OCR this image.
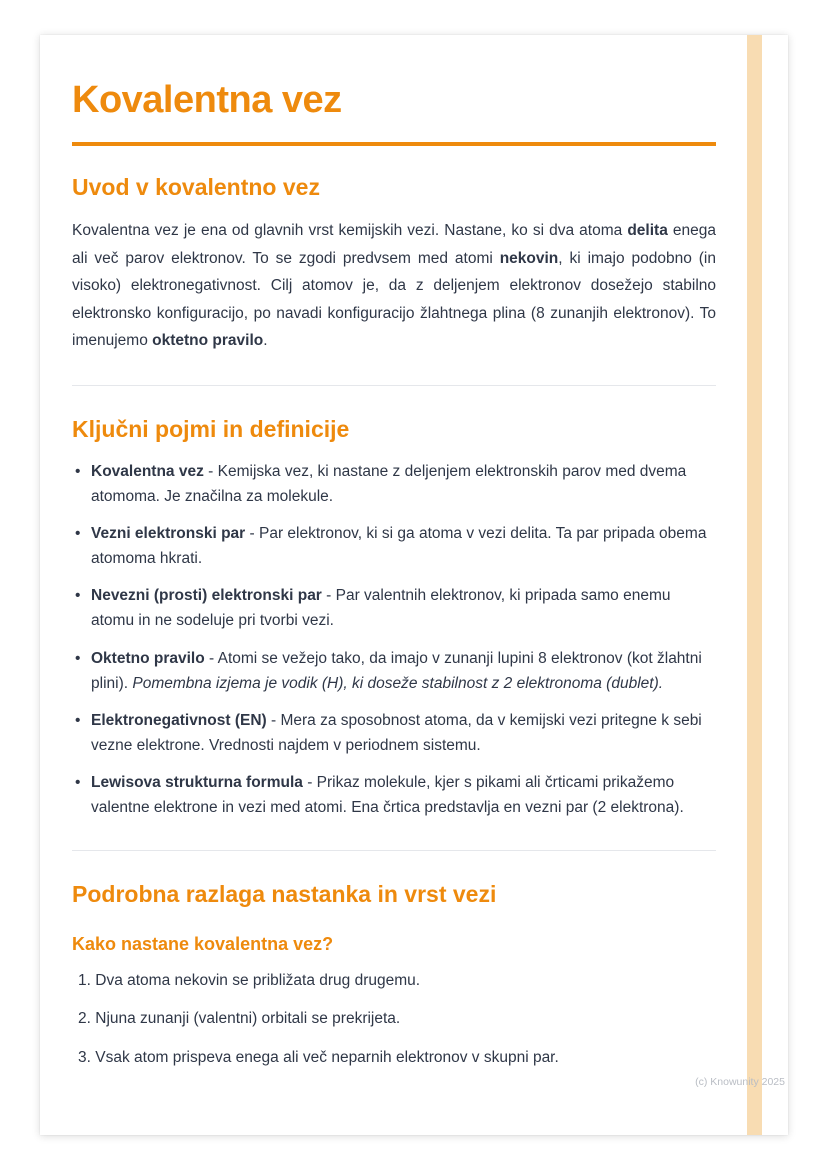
Kovalentna vez
Uvod v kovalentno vez

Kovalentna vez je ena od glavnih vrst kemijskih vezi. Nastane, ko si dva atoma delita enega ali več parov elektronov. To se zgodi predvsem med atomi nekovin, ki imajo podobno (in visoko) elektronegativnost. Cilj atomov je, da z deljenjem elektronov dosežejo stabilno elektronsko konfiguracijo, po navadi konfiguracijo žlahtnega plina (8 zunanjih elektronov). To imenujemo oktetno pravilo.

Ključni pojmi in definicije
• Kovalentna vez - Kemijska vez, ki nastane z deljenjem elektronskih parov med dvema atomoma. Je značilna za molekule.
• Vezni elektronski par - Par elektronov, ki si ga atoma v vezi delita. Ta par pripada obema atomoma hkrati.
• Nevezni (prosti) elektronski par - Par valentnih elektronov, ki pripada samo enemu atomu in ne sodeluje pri tvorbi vezi.
• Oktetno pravilo - Atomi se vežejo tako, da imajo v zunanji lupini 8 elektronov (kot žlahtni plini). Pomembna izjema je vodik (H), ki doseže stabilnost z 2 elektronoma (dublet).
• Elektronegativnost (EN) - Mera za sposobnost atoma, da v kemijski vezi pritegne k sebi vezne elektrone. Vrednosti najdem v periodnem sistemu.
• Lewisova strukturna formula - Prikaz molekule, kjer s pikami ali črticami prikažemo valentne elektrone in vezi med atomi. Ena črtica predstavlja en vezni par (2 elektrona).
Podrobna razlaga nastanka in vrst vezi
Kako nastane kovalentna vez?
Dva atoma nekovin se približata drug drugemu.
Njuna zunanji (valentni) orbitali se prekrijeta.
Vsak atom prispeva enega ali več neparnih elektronov v skupni par.
(c) Knowunity 2025
